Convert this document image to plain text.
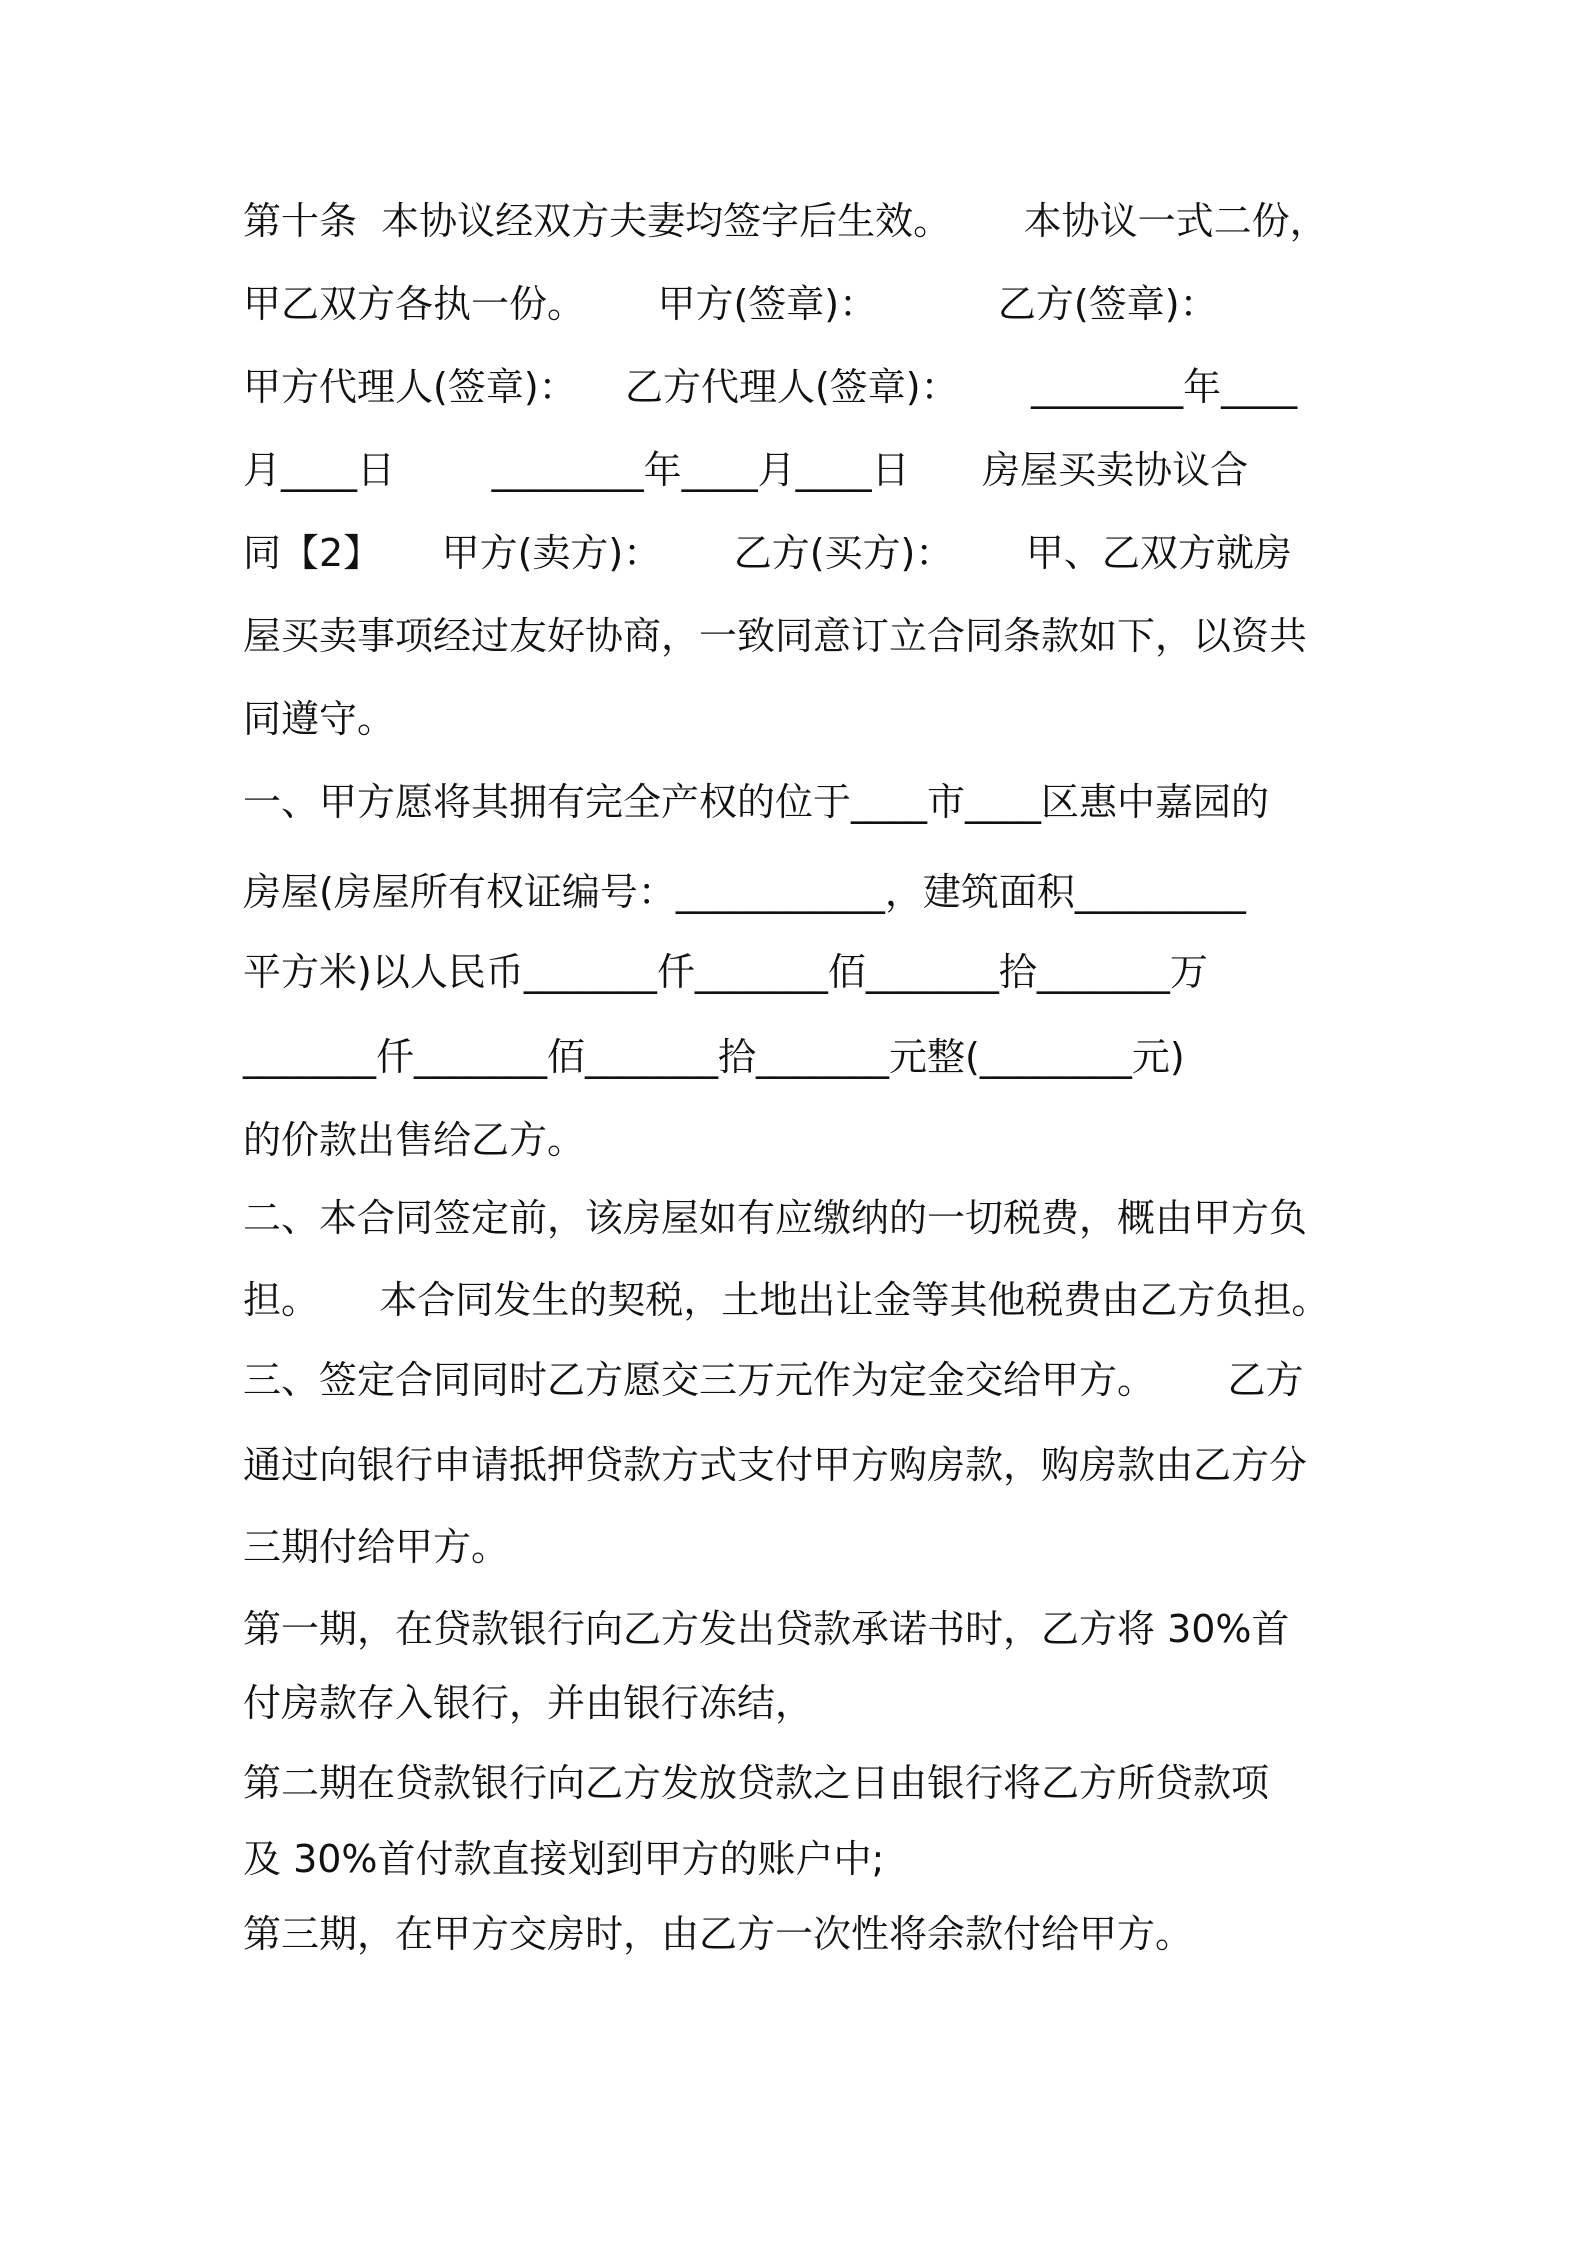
第十条  本协议经双方夫妻均签字后生效。      本协议一式二份，
甲乙双方各执一份。      甲方(签章)：          乙方(签章)：
甲方代理人(签章)：    乙方代理人(签章)：      ________年____
月____日        ________年____月____日      房屋买卖协议合
同【2】     甲方(卖方)：      乙方(买方)：      甲、乙双方就房
屋买卖事项经过友好协商，一致同意订立合同条款如下，以资共
同遵守。
一、甲方愿将其拥有完全产权的位于____市____区惠中嘉园的
房屋(房屋所有权证编号：___________，建筑面积_________
平方米)以人民币_______仟_______佰_______拾_______万
_______仟_______佰_______拾_______元整(________元)
的价款出售给乙方。
二、本合同签定前，该房屋如有应缴纳的一切税费，概由甲方负
担。     本合同发生的契税，土地出让金等其他税费由乙方负担。
三、签定合同同时乙方愿交三万元作为定金交给甲方。      乙方
通过向银行申请抵押贷款方式支付甲方购房款，购房款由乙方分
三期付给甲方。
第一期，在贷款银行向乙方发出贷款承诺书时，乙方将 30%首
付房款存入银行，并由银行冻结，
第二期在贷款银行向乙方发放贷款之日由银行将乙方所贷款项
及 30%首付款直接划到甲方的账户中;
第三期，在甲方交房时，由乙方一次性将余款付给甲方。
